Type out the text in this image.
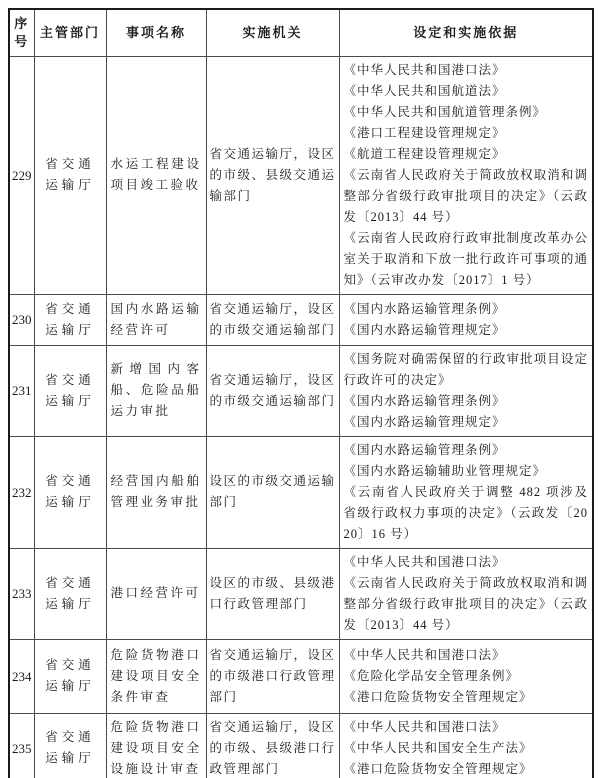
序号	主管部门	事项名称	实施机关	设定和实施依据
229	省交通运输厅	水运工程建设项目竣工验收	省交通运输厅，设区的市级、县级交通运输部门	
《中华人民共和国港口法》
《中华人民共和国航道法》
《中华人民共和国航道管理条例》
《港口工程建设管理规定》
《航道工程建设管理规定》
《云南省人民政府关于简政放权取消和调整部分省级行政审批项目的决定》（云政发〔2013〕44 号）
《云南省人民政府行政审批制度改革办公室关于取消和下放一批行政许可事项的通知》（云审改办发〔2017〕1 号）

230	省交通运输厅	国内水路运输经营许可	省交通运输厅，设区的市级交通运输部门	《国内水路运输管理条例》
《国内水路运输管理规定》

231	省交通运输厅	新增国内客船、危险品船运力审批	省交通运输厅，设区的市级交通运输部门	《国务院对确需保留的行政审批项目设定行政许可的决定》
《国内水路运输管理条例》
《国内水路运输管理规定》

232	省交通运输厅	经营国内船舶管理业务审批	设区的市级交通运输部门	《国内水路运输管理条例》
《国内水路运输辅助业管理规定》
《云南省人民政府关于调整 482 项涉及省级行政权力事项的决定》（云政发〔2020〕16 号）

233	省交通运输厅	港口经营许可	设区的市级、县级港口行政管理部门	《中华人民共和国港口法》
《云南省人民政府关于简政放权取消和调整部分省级行政审批项目的决定》（云政发〔2013〕44 号）

234	省交通运输厅	危险货物港口建设项目安全条件审查	省交通运输厅，设区的市级港口行政管理部门	《中华人民共和国港口法》
《危险化学品安全管理条例》
《港口危险货物安全管理规定》

235	省交通运输厅	危险货物港口建设项目安全设施设计审查	省交通运输厅，设区的市级、县级港口行政管理部门	《中华人民共和国港口法》
《中华人民共和国安全生产法》
《港口危险货物安全管理规定》
